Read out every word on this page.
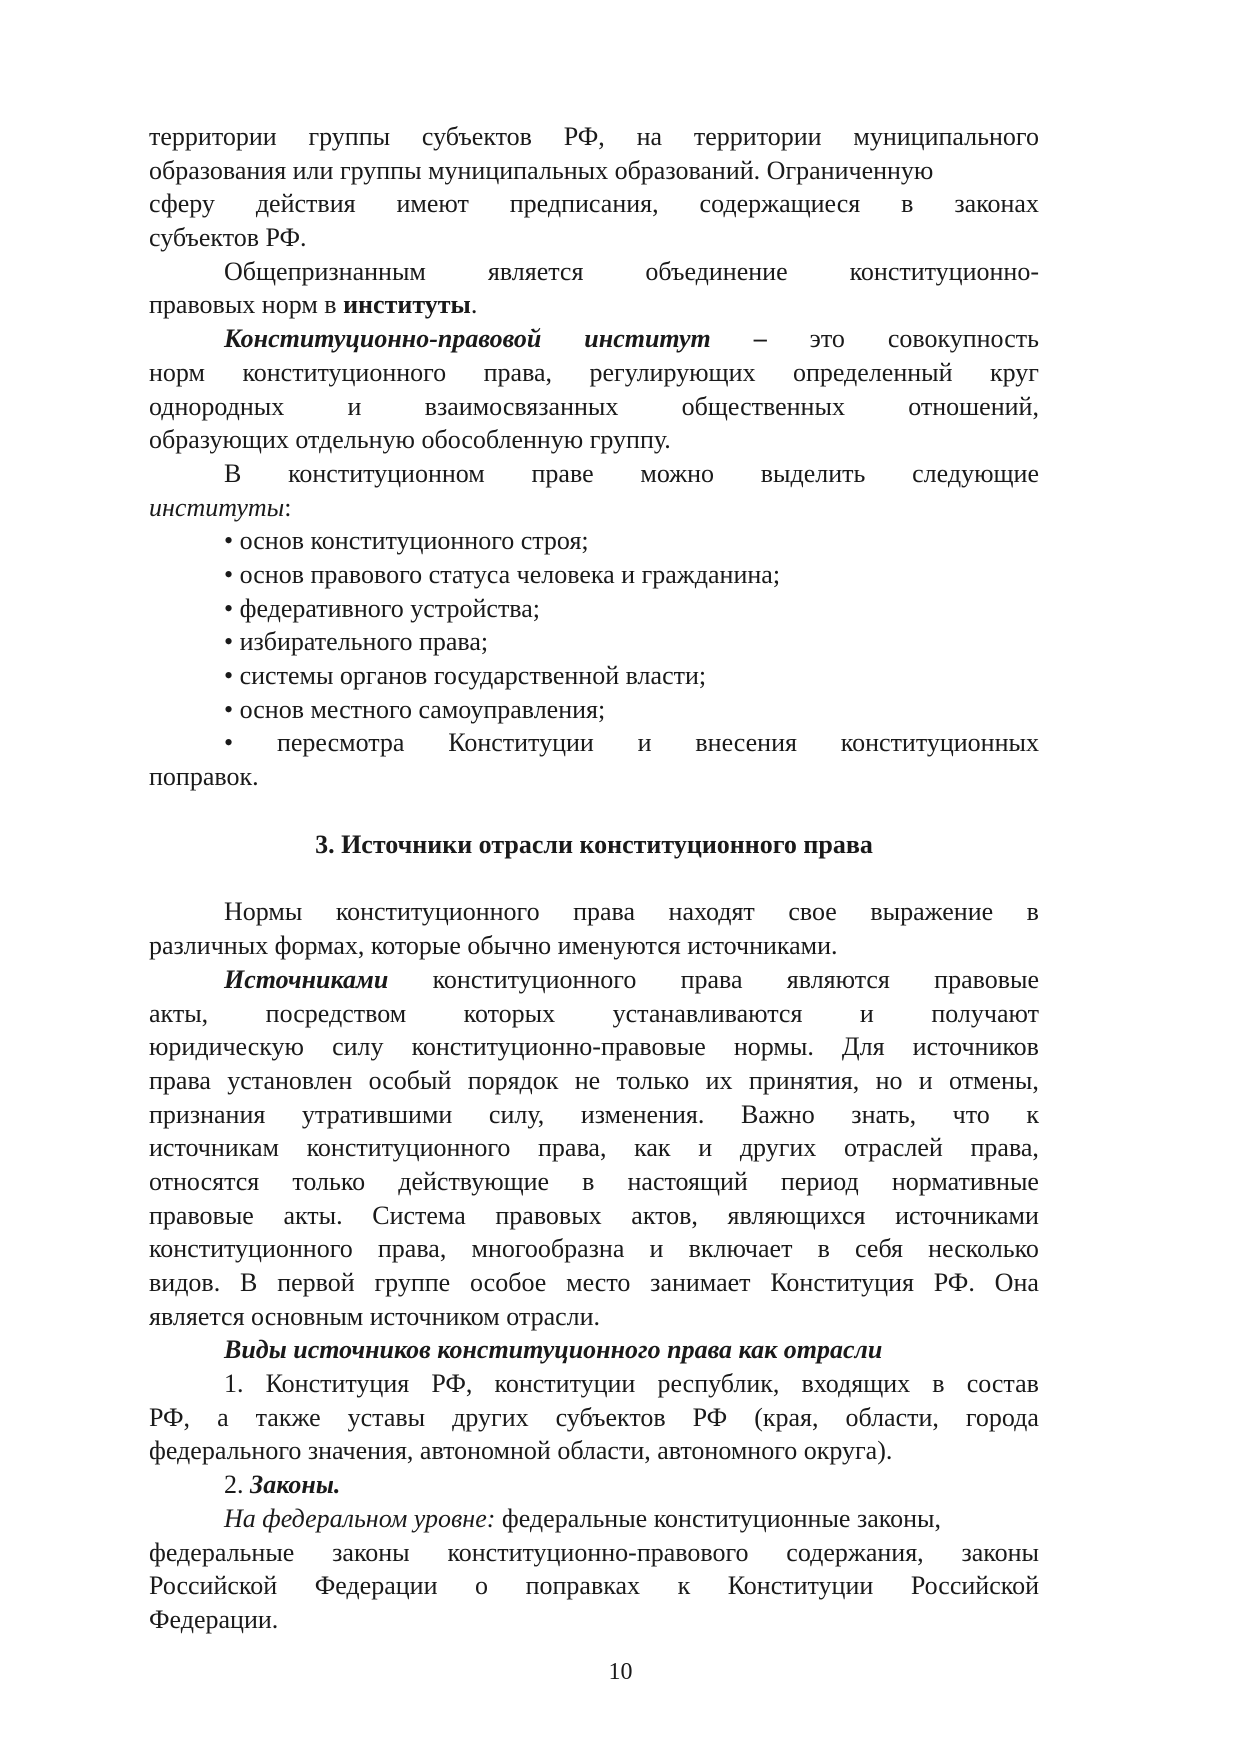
территории группы субъектов РФ, на территории муниципального
образования или группы муниципальных образований. Ограниченную
сферу действия имеют предписания, содержащиеся в законах
субъектов РФ.
Общепризнанным является объединение конституционно-
правовых норм в институты .
Конституционно-правовой институт – это совокупность
норм конституционного права, регулирующих определенный круг
однородных и взаимосвязанных общественных отношений,
образующих отдельную обособленную группу.
В конституционном праве можно выделить следующие
институты :
• основ конституционного строя;
• основ правового статуса человека и гражданина;
• федеративного устройства;
• избирательного права;
• системы органов государственной власти;
• основ местного самоуправления;
• пересмотра Конституции и внесения конституционных
поправок.
3. Источники отрасли конституционного права
Нормы конституционного права находят свое выражение в
различных формах, которые обычно именуются источниками.
Источниками конституционного права являются правовые
акты, посредством которых устанавливаются и получают
юридическую силу конституционно-правовые нормы. Для источников
права установлен особый порядок не только их принятия, но и отмены,
признания утратившими силу, изменения. Важно знать, что к
источникам конституционного права, как и других отраслей права,
относятся только действующие в настоящий период нормативные
правовые акты. Система правовых актов, являющихся источниками
конституционного права, многообразна и включает в себя несколько
видов. В первой группе особое место занимает Конституция РФ. Она
является основным источником отрасли.
Виды источников конституционного права как отрасли
1. Конституция РФ, конституции республик, входящих в состав
РФ, а также уставы других субъектов РФ (края, области, города
федерального значения, автономной области, автономного округа).
2. Законы.
На федеральном уровне: федеральные конституционные законы,
федеральные законы конституционно-правового содержания, законы
Российской Федерации о поправках к Конституции Российской
Федерации.
10
